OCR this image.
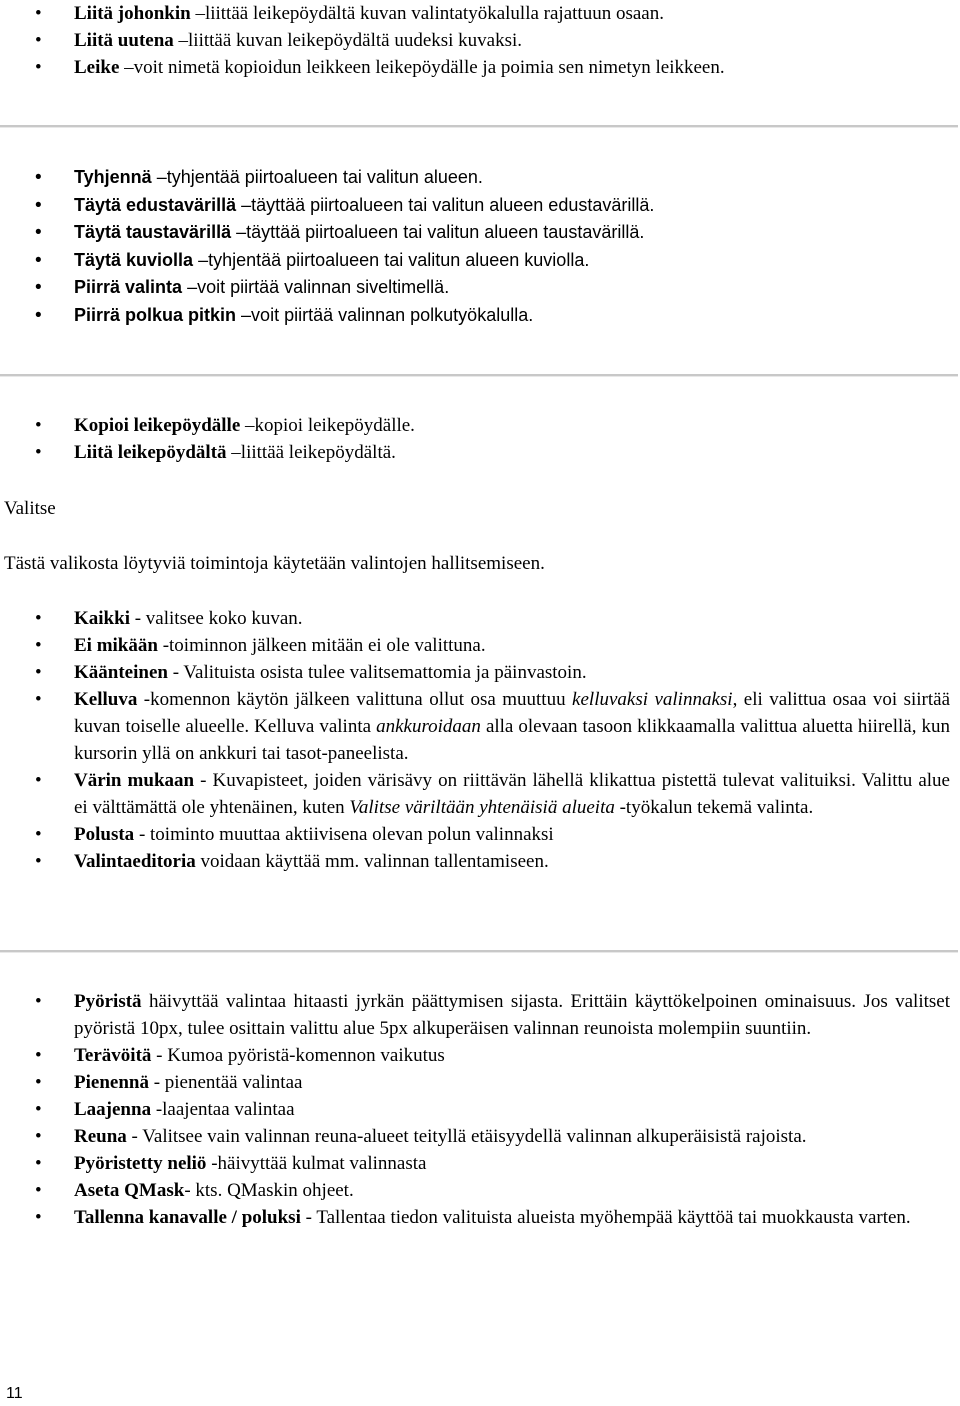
• Liitä johonkin –liittää leikepöydältä kuvan valintatyökalulla rajattuun osaan.
• Liitä uutena –liittää kuvan leikepöydältä uudeksi kuvaksi.
• Leike –voit nimetä kopioidun leikkeen leikepöydälle ja poimia sen nimetyn leikkeen.
• Tyhjennä –tyhjentää piirtoalueen tai valitun alueen.
• Täytä edustavärillä –täyttää piirtoalueen tai valitun alueen edustavärillä.
• Täytä taustavärillä –täyttää piirtoalueen tai valitun alueen taustavärillä.
• Täytä kuviolla –tyhjentää piirtoalueen tai valitun alueen kuviolla.
• Piirrä valinta –voit piirtää valinnan siveltimellä.
• Piirrä polkua pitkin –voit piirtää valinnan polkutyökalulla.
• Kopioi leikepöydälle –kopioi leikepöydälle.
• Liitä leikepöydältä –liittää leikepöydältä.
Valitse
Tästä valikosta löytyviä toimintoja käytetään valintojen hallitsemiseen.
• Kaikki - valitsee koko kuvan.
• Ei mikään -toiminnon jälkeen mitään ei ole valittuna.
• Käänteinen - Valituista osista tulee valitsemattomia ja päinvastoin.
• Kelluva -komennon käytön jälkeen valittuna ollut osa muuttuu kelluvaksi valinnaksi, eli valittua osaa voi siirtää kuvan toiselle alueelle. Kelluva valinta ankkuroidaan alla olevaan tasoon klikkaamalla valittua aluetta hiirellä, kun kursorin yllä on ankkuri tai tasot-paneelista.
• Värin mukaan - Kuvapisteet, joiden värisävy on riittävän lähellä klikattua pistettä tulevat valituiksi. Valittu alue ei välttämättä ole yhtenäinen, kuten Valitse väriltään yhtenäisiä alueita -työkalun tekemä valinta.
• Polusta - toiminto muuttaa aktiivisena olevan polun valinnaksi
• Valintaeditoria voidaan käyttää mm. valinnan tallentamiseen.
• Pyöristä häivyttää valintaa hitaasti jyrkän päättymisen sijasta. Erittäin käyttökelpoinen ominaisuus. Jos valitset pyöristä 10px, tulee osittain valittu alue 5px alkuperäisen valinnan reunoista molempiin suuntiin.
• Terävöitä - Kumoa pyöristä-komennon vaikutus
• Pienennä - pienentää valintaa
• Laajenna -laajentaa valintaa
• Reuna - Valitsee vain valinnan reuna-alueet teityllä etäisyydellä valinnan alkuperäisistä rajoista.
• Pyöristetty neliö -häivyttää kulmat valinnasta
• Aseta QMask- kts. QMaskin ohjeet.
• Tallenna kanavalle / poluksi - Tallentaa tiedon valituista alueista myöhempää käyttöä tai muokkausta varten.
11
